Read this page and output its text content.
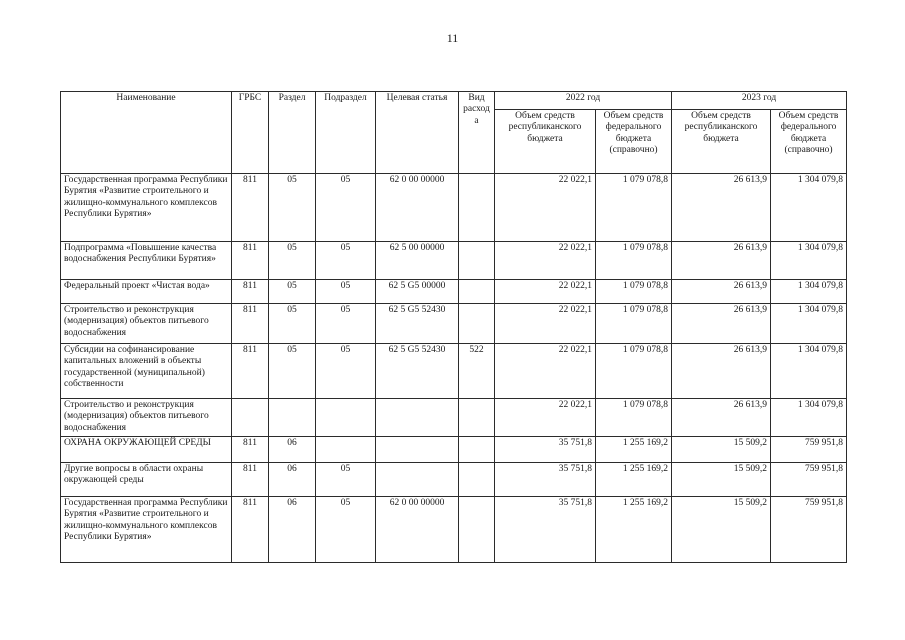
11
Наименование	ГРБС	Раздел	Подраздел	Целевая статья	Вид расхода	2022 год		2023 год	
						Объем средств республиканского бюджета	Объем средств федерального бюджета (справочно)	Объем средств республиканского бюджета	Объем средств федерального бюджета (справочно)
Государственная программа Республики Бурятия «Развитие строительного и жилищно-коммунального комплексов Республики Бурятия»	811	05	05	62 0 00 00000		22 022,1	1 079 078,8	26 613,9	1 304 079,8
Подпрограмма «Повышение качества водоснабжения Республики Бурятия»	811	05	05	62 5 00 00000		22 022,1	1 079 078,8	26 613,9	1 304 079,8
Федеральный проект «Чистая вода»	811	05	05	62 5 G5 00000		22 022,1	1 079 078,8	26 613,9	1 304 079,8
Строительство и реконструкция (модернизация) объектов питьевого водоснабжения	811	05	05	62 5 G5 52430		22 022,1	1 079 078,8	26 613,9	1 304 079,8
Субсидии на софинансирование капитальных вложений в объекты государственной (муниципальной) собственности	811	05	05	62 5 G5 52430	522	22 022,1	1 079 078,8	26 613,9	1 304 079,8
Строительство и реконструкция (модернизация) объектов питьевого водоснабжения						22 022,1	1 079 078,8	26 613,9	1 304 079,8
ОХРАНА ОКРУЖАЮЩЕЙ СРЕДЫ	811	06				35 751,8	1 255 169,2	15 509,2	759 951,8
Другие вопросы в области охраны окружающей среды	811	06	05			35 751,8	1 255 169,2	15 509,2	759 951,8
Государственная программа Республики Бурятия «Развитие строительного и жилищно-коммунального комплексов Республики Бурятия»	811	06	05	62 0 00 00000		35 751,8	1 255 169,2	15 509,2	759 951,8
